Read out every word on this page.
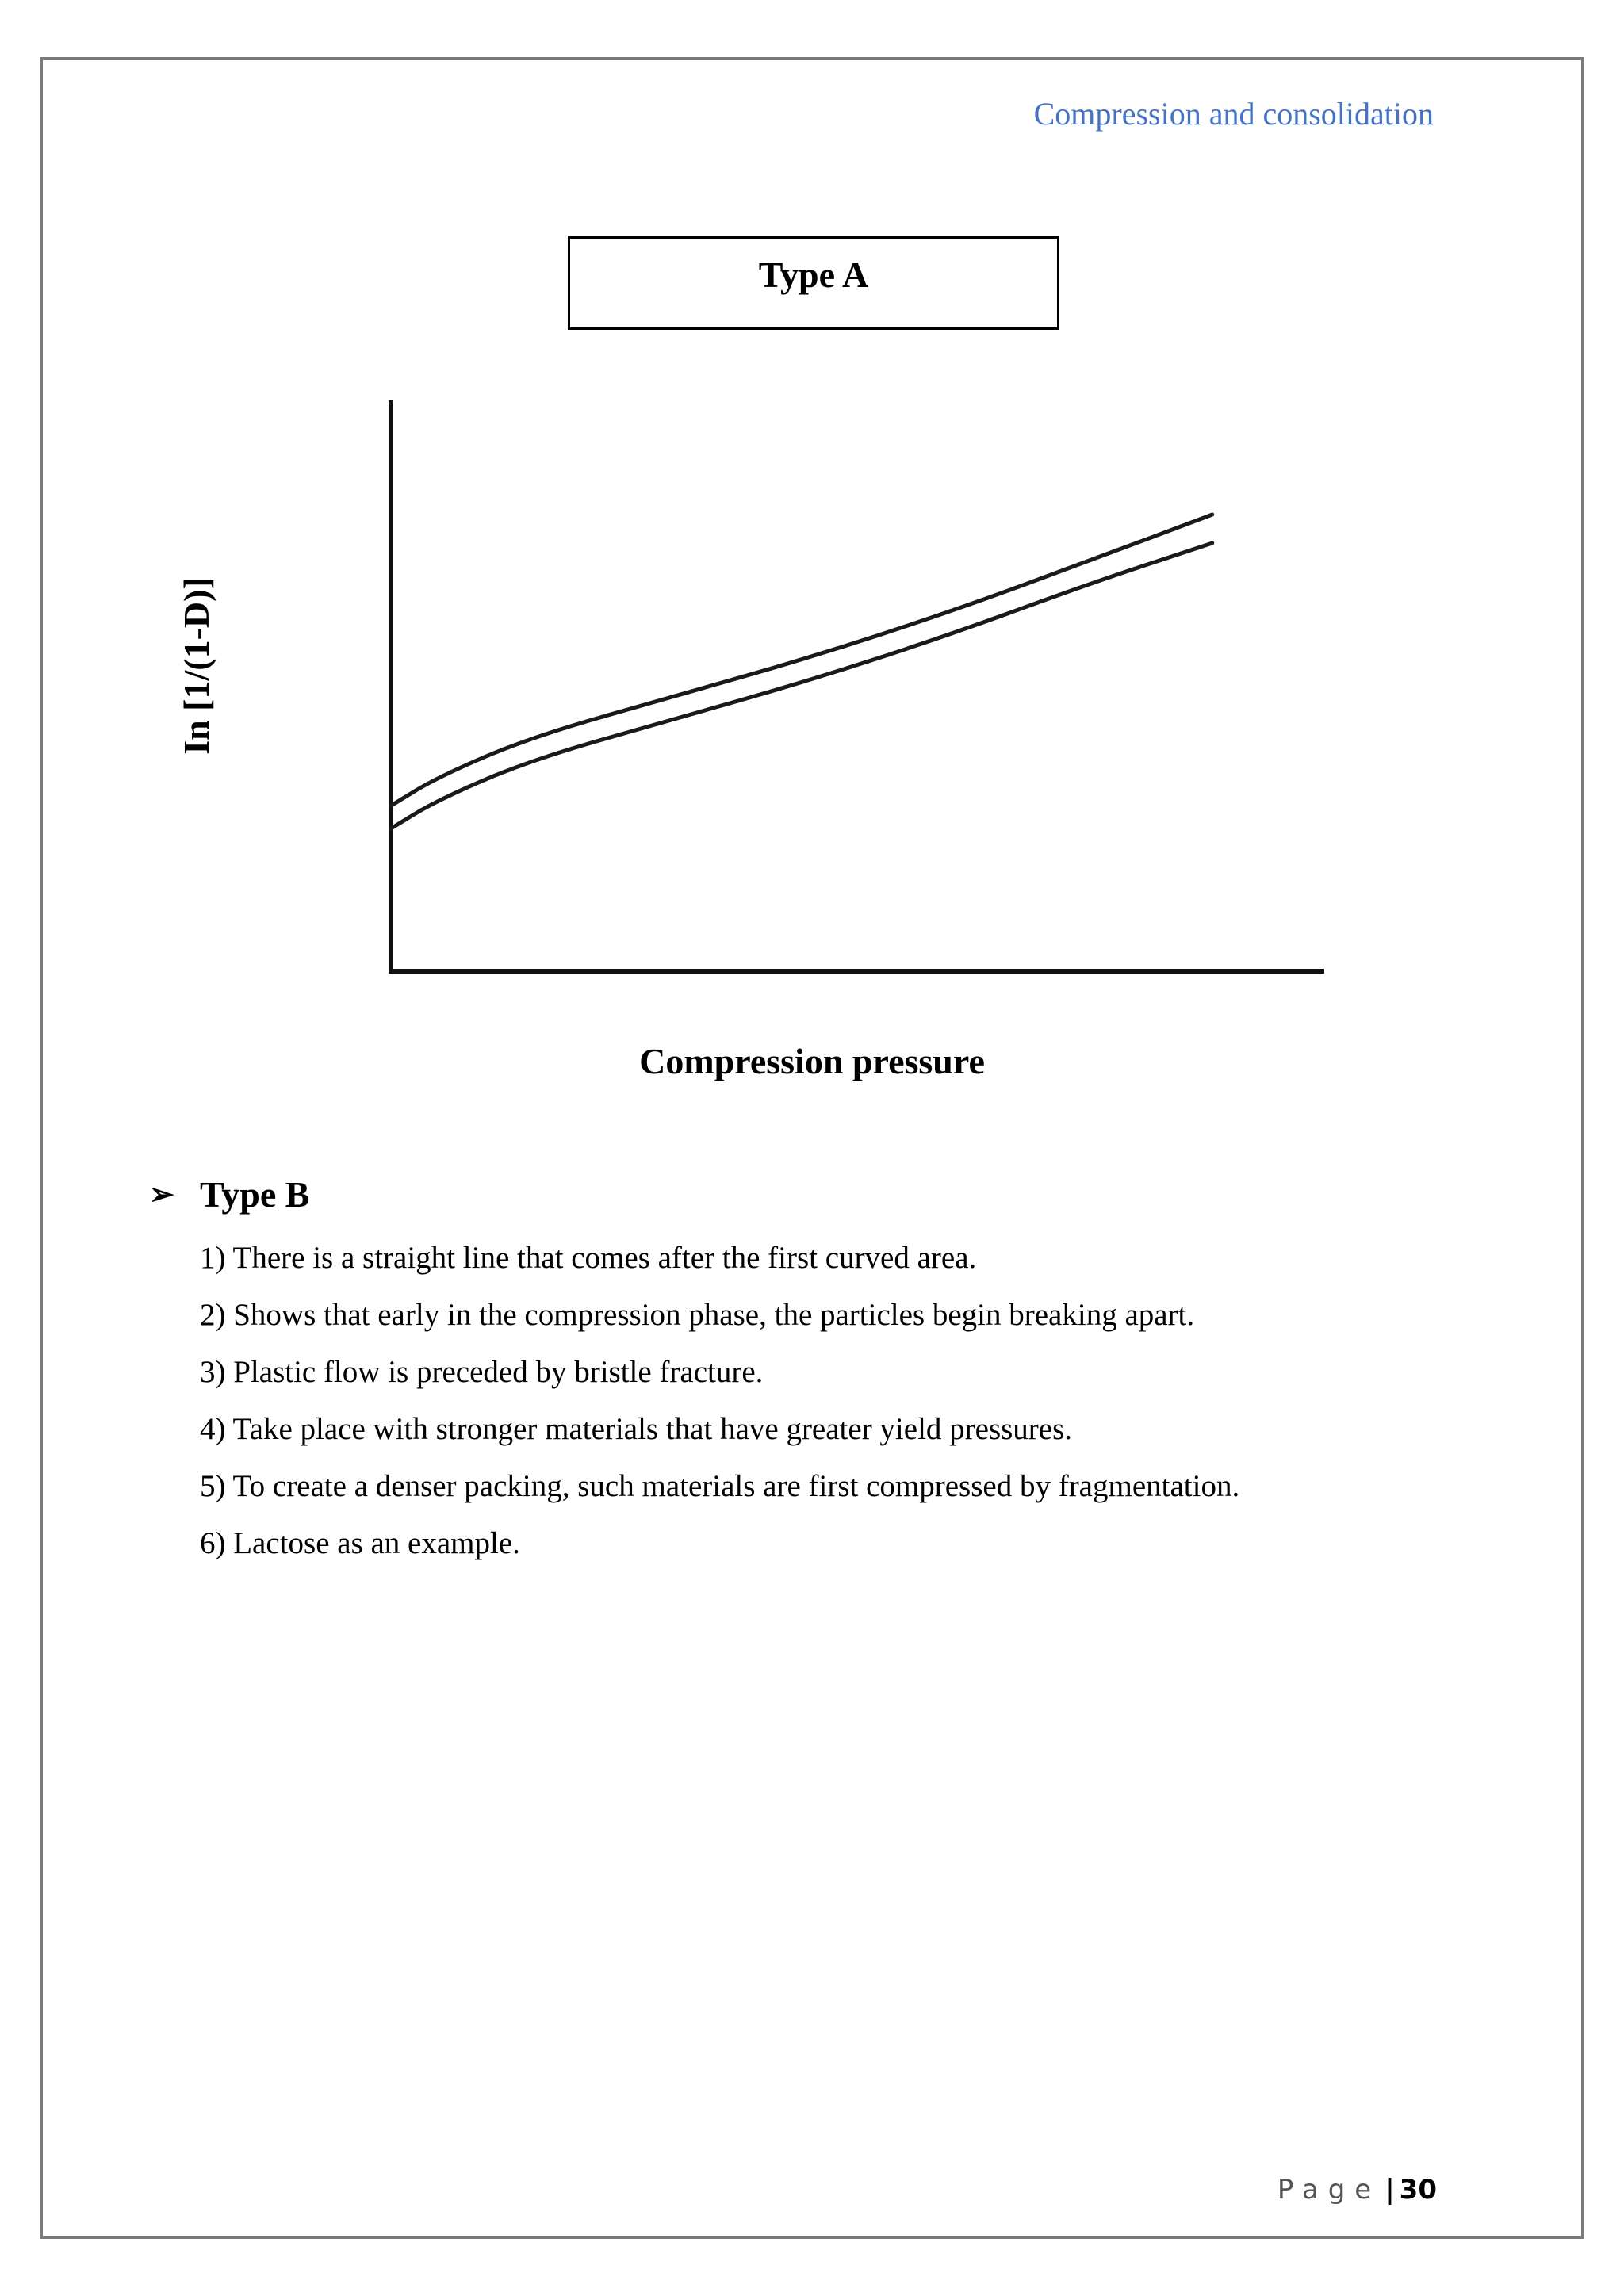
Compression and consolidation
Type A
In [1/(1-D)]
Compression pressure
➢ Type B
1) There is a straight line that comes after the first curved area.
2) Shows that early in the compression phase, the particles begin breaking apart.
3) Plastic flow is preceded by bristle fracture.
4) Take place with stronger materials that have greater yield pressures.
5) To create a denser packing, such materials are first compressed by fragmentation.
6) Lactose as an example.
Page | 30
